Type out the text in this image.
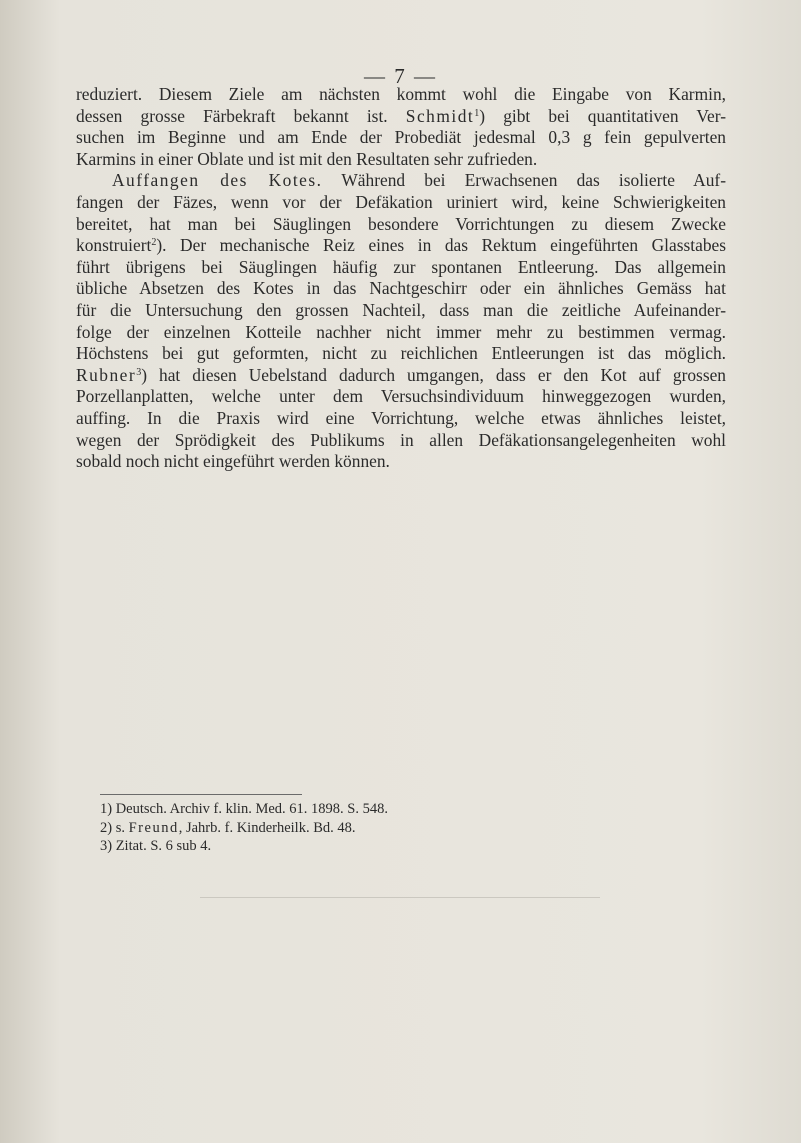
— 7 —
reduziert. Diesem Ziele am nächsten kommt wohl die Eingabe von Karmin,
dessen grosse Färbekraft bekannt ist. Schmidt$^1$) gibt bei quantitativen Ver-
suchen im Beginne und am Ende der Probediät jedesmal 0,3 g fein gepulverten
Karmins in einer Oblate und ist mit den Resultaten sehr zufrieden.
Auffangen des Kotes. Während bei Erwachsenen das isolierte Auf-
fangen der Fäzes, wenn vor der Defäkation uriniert wird, keine Schwierigkeiten
bereitet, hat man bei Säuglingen besondere Vorrichtungen zu diesem Zwecke
konstruiert$^2$). Der mechanische Reiz eines in das Rektum eingeführten Glasstabes
führt übrigens bei Säuglingen häufig zur spontanen Entleerung. Das allgemein
übliche Absetzen des Kotes in das Nachtgeschirr oder ein ähnliches Gemäss hat
für die Untersuchung den grossen Nachteil, dass man die zeitliche Aufeinander-
folge der einzelnen Kotteile nachher nicht immer mehr zu bestimmen vermag.
Höchstens bei gut geformten, nicht zu reichlichen Entleerungen ist das möglich.
Rubner$^3$) hat diesen Uebelstand dadurch umgangen, dass er den Kot auf grossen
Porzellanplatten, welche unter dem Versuchsindividuum hinweggezogen wurden,
auffing. In die Praxis wird eine Vorrichtung, welche etwas ähnliches leistet,
wegen der Sprödigkeit des Publikums in allen Defäkationsangelegenheiten wohl
sobald noch nicht eingeführt werden können.
1) Deutsch. Archiv f. klin. Med. 61. 1898. S. 548.
2) s. Freund, Jahrb. f. Kinderheilk. Bd. 48.
3) Zitat. S. 6 sub 4.
